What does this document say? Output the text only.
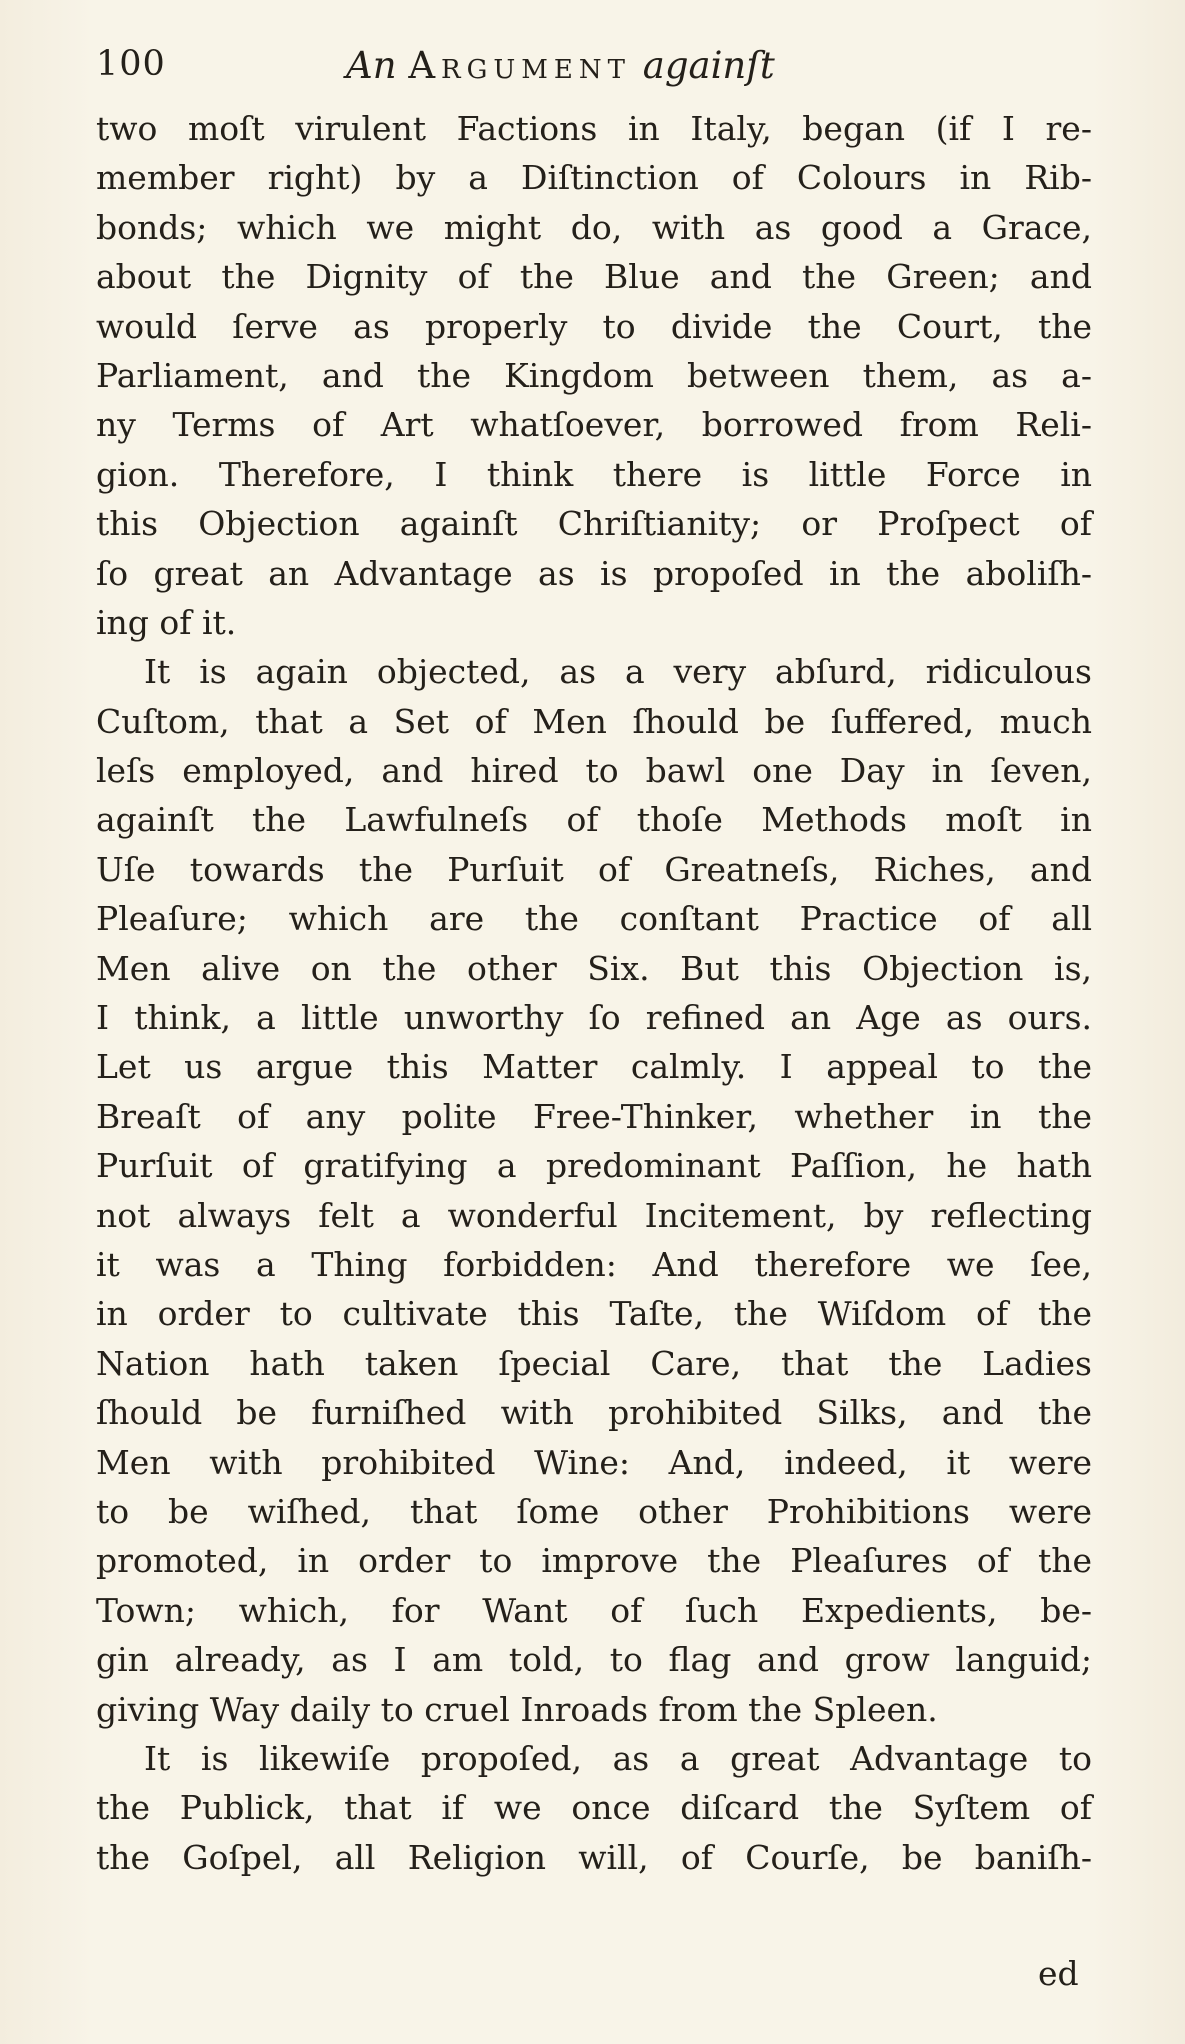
100	An Argument againſt
two moſt virulent Factions in Italy, began (if I re-
member right) by a Diſtinction of Colours in Rib-
bonds; which we might do, with as good a Grace,
about the Dignity of the Blue and the Green; and
would ſerve as properly to divide the Court, the
Parliament, and the Kingdom between them, as a-
ny Terms of Art whatſoever, borrowed from Reli-
gion. Therefore, I think there is little Force in
this Objection againſt Chriſtianity; or Proſpect of
ſo great an Advantage as is propoſed in the aboliſh-
ing of it.
It is again objected, as a very abſurd, ridiculous
Cuſtom, that a Set of Men ſhould be ſuffered, much
leſs employed, and hired to bawl one Day in ſeven,
againſt the Lawfulneſs of thoſe Methods moſt in
Uſe towards the Purſuit of Greatneſs, Riches, and
Pleaſure; which are the conſtant Practice of all
Men alive on the other Six. But this Objection is,
I think, a little unworthy ſo refined an Age as ours.
Let us argue this Matter calmly. I appeal to the
Breaſt of any polite Free-Thinker, whether in the
Purſuit of gratifying a predominant Paſſion, he hath
not always felt a wonderful Incitement, by reflecting
it was a Thing forbidden: And therefore we ſee,
in order to cultivate this Taſte, the Wiſdom of the
Nation hath taken ſpecial Care, that the Ladies
ſhould be furniſhed with prohibited Silks, and the
Men with prohibited Wine: And, indeed, it were
to be wiſhed, that ſome other Prohibitions were
promoted, in order to improve the Pleaſures of the
Town; which, for Want of ſuch Expedients, be-
gin already, as I am told, to flag and grow languid;
giving Way daily to cruel Inroads from the Spleen.
It is likewiſe propoſed, as a great Advantage to
the Publick, that if we once diſcard the Syſtem of
the Goſpel, all Religion will, of Courſe, be baniſh-
ed
